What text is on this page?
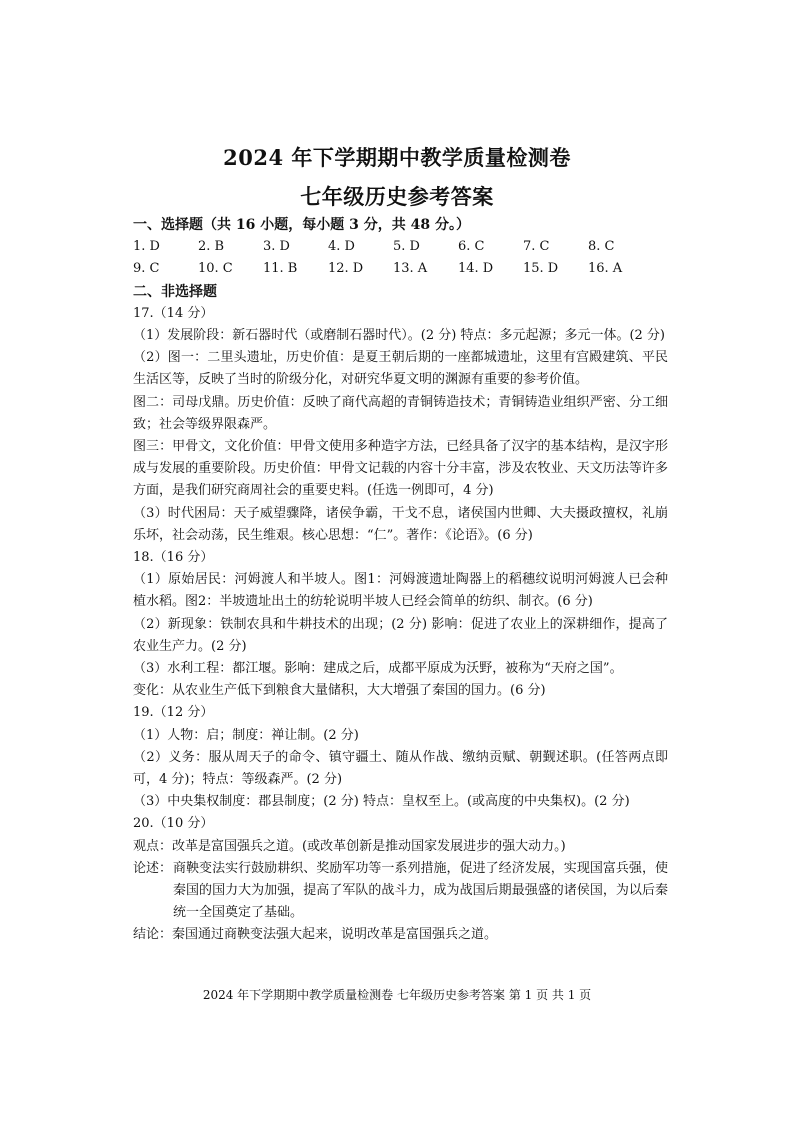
2024 年下学期期中教学质量检测卷
七年级历史参考答案
一、选择题（共 16 小题，每小题 3 分，共 48 分。）
1. D	2. B	3. D	4. D	5. D	6. C	7. C	8. C
9. C	10. C	11. B	12. D	13. A	14. D	15. D	16. A
二、非选择题
17.（14 分）
（1）发展阶段：新石器时代（或磨制石器时代）。(2 分) 特点：多元起源；多元一体。(2 分)
（2）图一：二里头遗址，历史价值：是夏王朝后期的一座都城遗址，这里有宫殿建筑、平民生活区等，反映了当时的阶级分化，对研究华夏文明的渊源有重要的参考价值。
图二：司母戊鼎。历史价值：反映了商代高超的青铜铸造技术；青铜铸造业组织严密、分工细致；社会等级界限森严。
图三：甲骨文，文化价值：甲骨文使用多种造字方法，已经具备了汉字的基本结构，是汉字形成与发展的重要阶段。历史价值：甲骨文记载的内容十分丰富，涉及农牧业、天文历法等许多方面，是我们研究商周社会的重要史料。(任选一例即可，4 分)
（3）时代困局：天子威望骤降，诸侯争霸，干戈不息，诸侯国内世卿、大夫摄政擅权，礼崩乐坏，社会动荡，民生维艰。核心思想：“仁”。著作：《论语》。(6 分)
18.（16 分）
（1）原始居民：河姆渡人和半坡人。图1：河姆渡遗址陶器上的稻穗纹说明河姆渡人已会种植水稻。图2：半坡遗址出土的纺轮说明半坡人已经会简单的纺织、制衣。(6 分)
（2）新现象：铁制农具和牛耕技术的出现；(2 分) 影响：促进了农业上的深耕细作，提高了农业生产力。(2 分)
（3）水利工程：都江堰。影响：建成之后，成都平原成为沃野，被称为“天府之国”。
变化：从农业生产低下到粮食大量储积，大大增强了秦国的国力。(6 分)
19.（12 分）
（1）人物：启；制度：禅让制。(2 分)
（2）义务：服从周天子的命令、镇守疆土、随从作战、缴纳贡赋、朝觐述职。(任答两点即可，4 分)；特点：等级森严。(2 分)
（3）中央集权制度：郡县制度；(2 分) 特点：皇权至上。(或高度的中央集权)。(2 分)
20.（10 分）
观点：改革是富国强兵之道。(或改革创新是推动国家发展进步的强大动力。)
论述： 商鞅变法实行鼓励耕织、奖励军功等一系列措施，促进了经济发展，实现国富兵强，使秦国的国力大为加强，提高了军队的战斗力，成为战国后期最强盛的诸侯国，为以后秦统一全国奠定了基础。
结论：秦国通过商鞅变法强大起来，说明改革是富国强兵之道。
2024 年下学期期中教学质量检测卷 七年级历史参考答案 第 1 页 共 1 页
